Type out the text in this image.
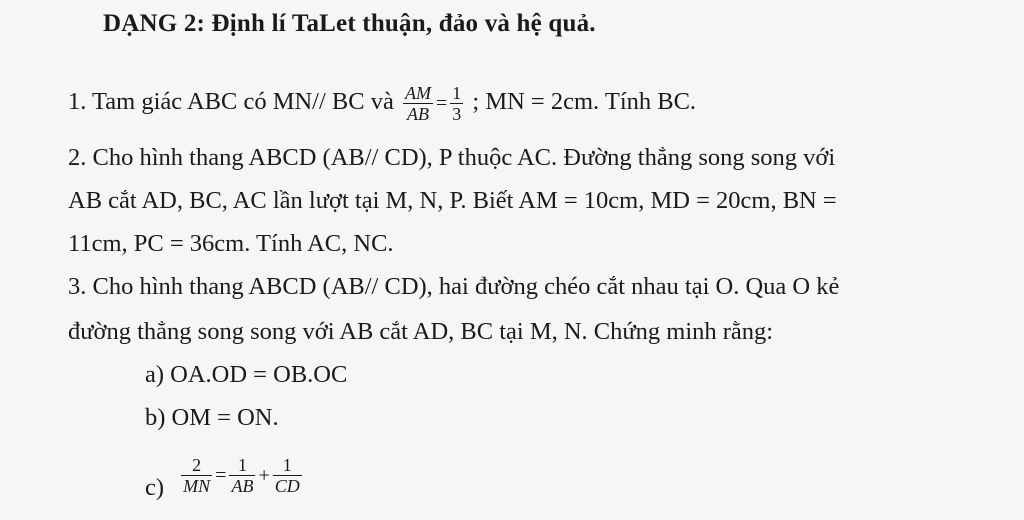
DẠNG 2: Định lí TaLet thuận, đảo và hệ quả.
1. Tam giác ABC có MN// BC và $\frac{AM}{AB} = \frac{1}{3}$ ; MN = 2cm. Tính BC.
2. Cho hình thang ABCD (AB// CD), P thuộc AC. Đường thẳng song song với
AB cắt AD, BC, AC lần lượt tại M, N, P. Biết AM = 10cm, MD = 20cm, BN =
11cm, PC = 36cm. Tính AC, NC.
3. Cho hình thang ABCD (AB// CD), hai đường chéo cắt nhau tại O. Qua O kẻ
đường thẳng song song với AB cắt AD, BC tại M, N. Chứng minh rằng:
a) OA.OD = OB.OC
b) OM = ON.
$c) \frac{2}{MN} = \frac{1}{AB} + \frac{1}{CD}$
